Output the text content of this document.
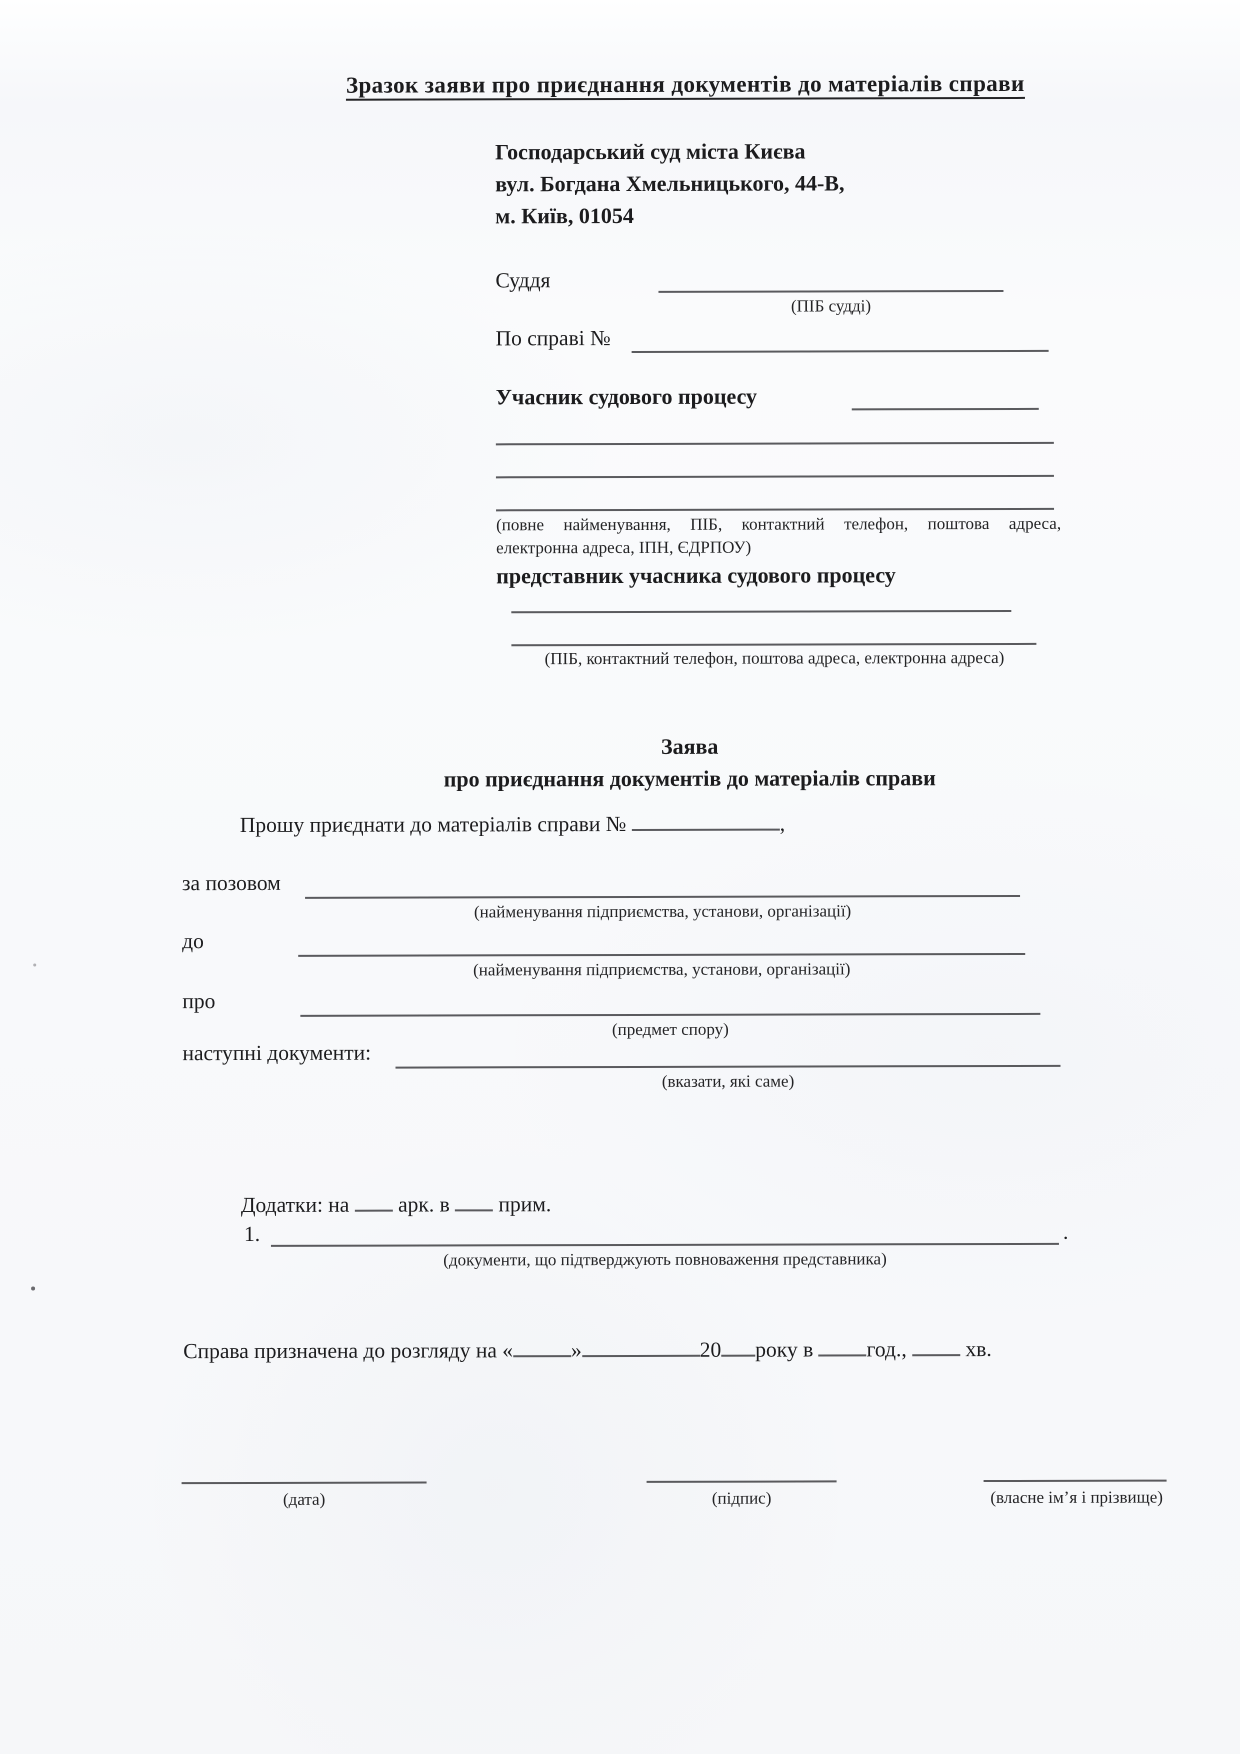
Зразок заяви про приєднання документів до матеріалів справи
Господарський суд міста Києва
вул. Богдана Хмельницького, 44-В,
м. Київ, 01054
Суддя
(ПІБ судді)
По справі №
Учасник судового процесу
(повне найменування, ПІБ, контактний телефон, поштова адреса,
електронна адреса, ІПН, ЄДРПОУ)
представник учасника судового процесу
(ПІБ, контактний телефон, поштова адреса, електронна адреса)
Заява
про приєднання документів до матеріалів справи
Прошу приєднати до матеріалів справи №	,
за позовом
(найменування підприємства, установи, організації)
до
(найменування підприємства, установи, організації)
про
(предмет спору)
наступні документи:
(вказати, які саме)
Додатки: на арк. в прим.
1.	.
(документи, що підтверджують повноваження представника)
Справа призначена до розгляду на «	»	20 року в год.,	хв.
(дата)	(підпис)	(власне ім’я і прізвище)
